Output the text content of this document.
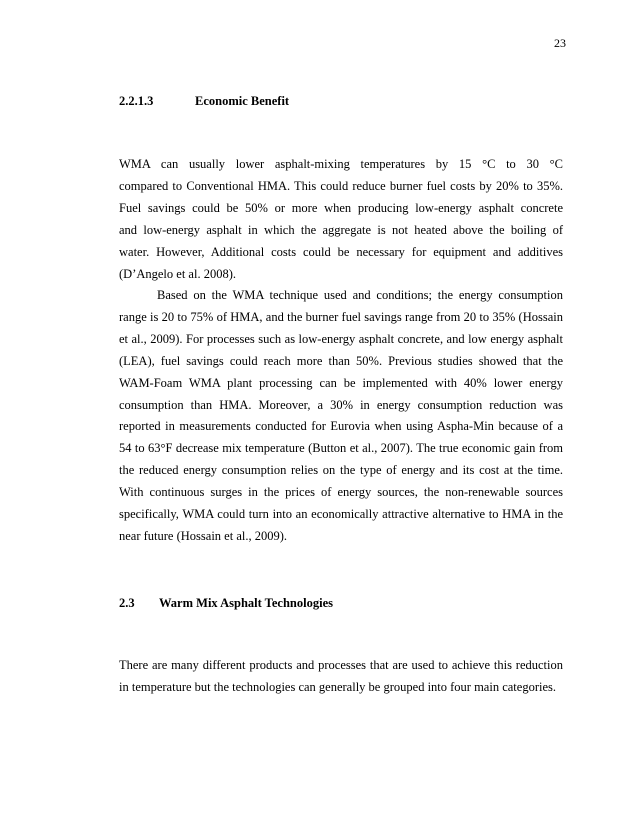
23
2.2.1.3	Economic Benefit
WMA can usually lower asphalt-mixing temperatures by 15 °C to 30 °C
compared to Conventional HMA. This could reduce burner fuel costs by 20% to 35%.
Fuel savings could be 50% or more when producing low-energy asphalt concrete
and low-energy asphalt in which the aggregate is not heated above the boiling of
water. However, Additional costs could be necessary for equipment and additives
(D’Angelo et al. 2008).
Based on the WMA technique used and conditions; the energy consumption
range is 20 to 75% of HMA, and the burner fuel savings range from 20 to 35% (Hossain
et al., 2009). For processes such as low-energy asphalt concrete, and low energy asphalt
(LEA), fuel savings could reach more than 50%. Previous studies showed that the
WAM-Foam WMA plant processing can be implemented with 40% lower energy
consumption than HMA. Moreover, a 30% in energy consumption reduction was
reported in measurements conducted for Eurovia when using Aspha-Min because of a
54 to 63°F decrease mix temperature (Button et al., 2007). The true economic gain from
the reduced energy consumption relies on the type of energy and its cost at the time.
With continuous surges in the prices of energy sources, the non-renewable sources
specifically, WMA could turn into an economically attractive alternative to HMA in the
near future (Hossain et al., 2009).
2.3 Warm Mix Asphalt Technologies
There are many different products and processes that are used to achieve this reduction
in temperature but the technologies can generally be grouped into four main categories.
